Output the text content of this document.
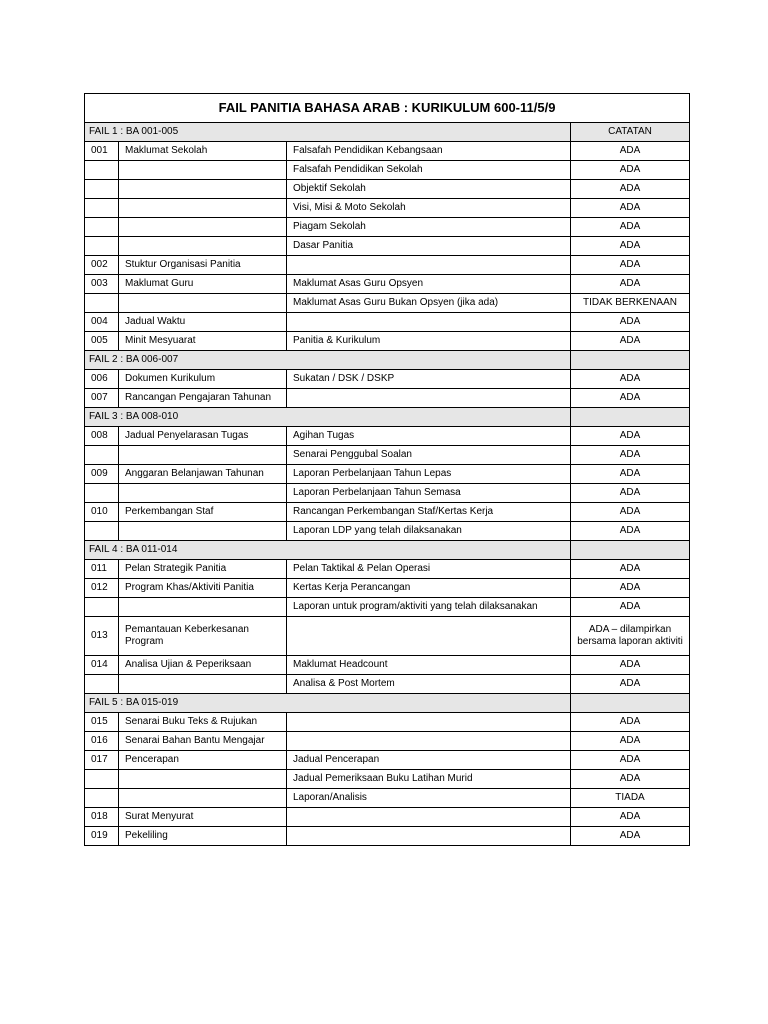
FAIL PANITIA BAHASA ARAB : KURIKULUM 600-11/5/9			
FAIL 1 : BA 001-005			CATATAN
001	Maklumat Sekolah	Falsafah Pendidikan Kebangsaan	ADA
		Falsafah Pendidikan Sekolah	ADA
		Objektif Sekolah	ADA
		Visi, Misi & Moto Sekolah	ADA
		Piagam Sekolah	ADA
		Dasar Panitia	ADA
002	Stuktur Organisasi Panitia		ADA
003	Maklumat Guru	Maklumat Asas Guru Opsyen	ADA
		Maklumat Asas Guru Bukan Opsyen (jika ada)	TIDAK BERKENAAN
004	Jadual Waktu		ADA
005	Minit Mesyuarat	Panitia & Kurikulum	ADA
FAIL 2 : BA 006-007			
006	Dokumen Kurikulum	Sukatan / DSK / DSKP	ADA
007	Rancangan Pengajaran Tahunan		ADA
FAIL 3 : BA 008-010			
008	Jadual Penyelarasan Tugas	Agihan Tugas	ADA
		Senarai Penggubal Soalan	ADA
009	Anggaran Belanjawan Tahunan	Laporan Perbelanjaan Tahun Lepas	ADA
		Laporan Perbelanjaan Tahun Semasa	ADA
010	Perkembangan Staf	Rancangan Perkembangan Staf/Kertas Kerja	ADA
		Laporan LDP yang telah dilaksanakan	ADA
FAIL 4 : BA 011-014			
011	Pelan Strategik Panitia	Pelan Taktikal & Pelan Operasi	ADA
012	Program Khas/Aktiviti Panitia	Kertas Kerja Perancangan	ADA
		Laporan untuk program/aktiviti yang telah dilaksanakan	ADA
013	Pemantauan Keberkesanan Program		ADA – dilampirkan bersama laporan aktiviti
014	Analisa Ujian & Peperiksaan	Maklumat Headcount	ADA
		Analisa & Post Mortem	ADA
FAIL 5 : BA 015-019			
015	Senarai Buku Teks & Rujukan		ADA
016	Senarai Bahan Bantu Mengajar		ADA
017	Pencerapan	Jadual Pencerapan	ADA
		Jadual Pemeriksaan Buku Latihan Murid	ADA
		Laporan/Analisis	TIADA
018	Surat Menyurat		ADA
019	Pekeliling		ADA
